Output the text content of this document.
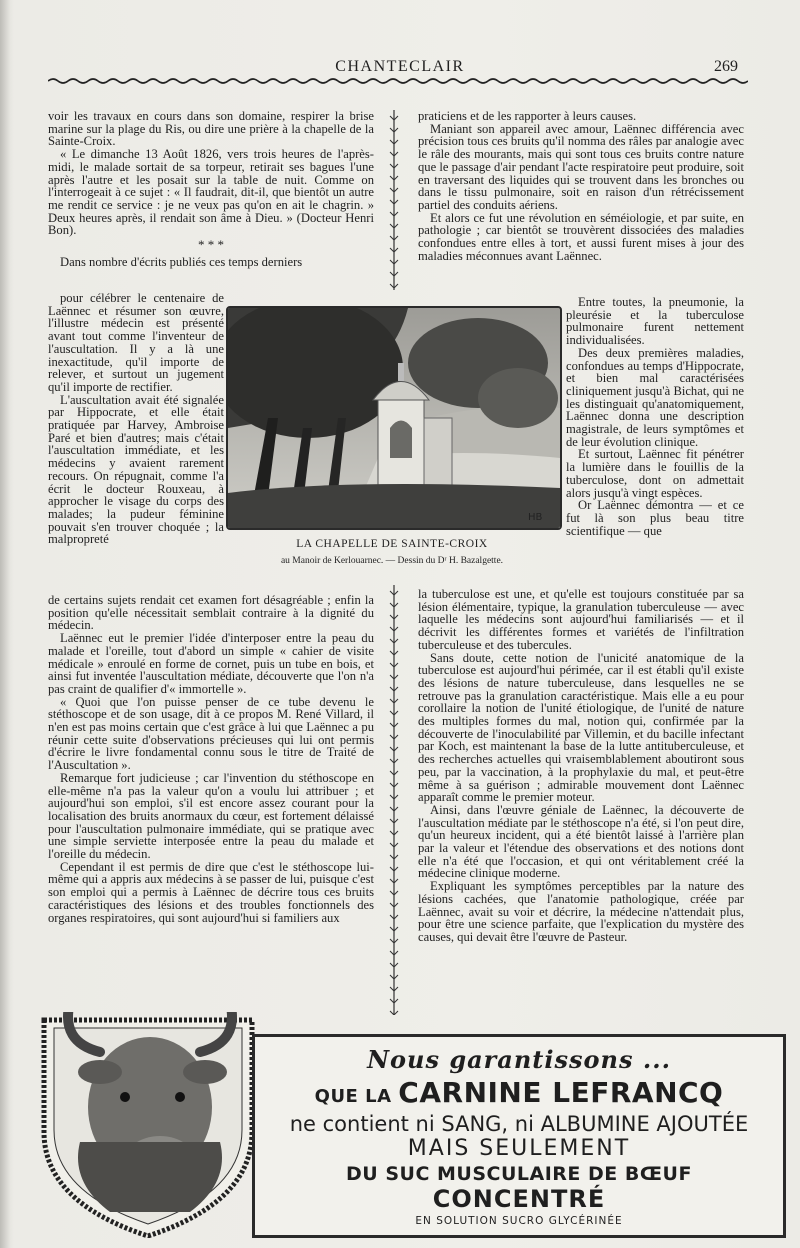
CHANTECLAIR	269

voir les travaux en cours dans son domaine, respirer la brise marine sur la plage du Ris, ou dire une prière à la chapelle de la Sainte-Croix.

« Le dimanche 13 Août 1826, vers trois heures de l'après-midi, le malade sortait de sa torpeur, retirait ses bagues l'une après l'autre et les posait sur la table de nuit. Comme on l'interrogeait à ce sujet : « Il faudrait, dit-il, que bientôt un autre me rendit ce service : je ne veux pas qu'on en ait le chagrin. » Deux heures après, il rendait son âme à Dieu. » (Docteur Henri Bon).

* * *

Dans nombre d'écrits publiés ces temps derniers

pour célébrer le centenaire de Laënnec et résumer son œuvre, l'illustre médecin est présenté avant tout comme l'inventeur de l'auscultation. Il y a là une inexactitude, qu'il importe de relever, et surtout un jugement qu'il importe de rectifier.

L'auscultation avait été signalée par Hippocrate, et elle était pratiquée par Harvey, Ambroise Paré et bien d'autres; mais c'était l'auscultation immédiate, et les médecins y avaient rarement recours. On répugnait, comme l'a écrit le docteur Rouxeau, à approcher le visage du corps des malades; la pudeur féminine pouvait s'en trouver choquée ; la malpropreté

praticiens et de les rapporter à leurs causes.

Maniant son appareil avec amour, Laënnec différencia avec précision tous ces bruits qu'il nomma des râles par analogie avec le râle des mourants, mais qui sont tous ces bruits contre nature que le passage d'air pendant l'acte respiratoire peut produire, soit en traversant des liquides qui se trouvent dans les bronches ou dans le tissu pulmonaire, soit en raison d'un rétrécissement partiel des conduits aériens.

Et alors ce fut une révolution en séméiologie, et par suite, en pathologie ; car bientôt se trouvèrent dissociées des maladies confondues entre elles à tort, et aussi furent mises à jour des maladies méconnues avant Laënnec.

Entre toutes, la pneumonie, la pleurésie et la tuberculose pulmonaire furent nettement individualisées.

Des deux premières maladies, confondues au temps d'Hippocrate, et bien mal caractérisées cliniquement jusqu'à Bichat, qui ne les distinguait qu'anatomiquement, Laënnec donna une description magistrale, de leurs symptômes et de leur évolution clinique.

Et surtout, Laënnec fit pénétrer la lumière dans le fouillis de la tuberculose, dont on admettait alors jusqu'à vingt espèces.

Or Laënnec démontra — et ce fut là son plus beau titre scientifique — que

HB
LA CHAPELLE DE SAINTE-CROIX
au Manoir de Kerlouarnec. — Dessin du Dʳ H. Bazalgette.

de certains sujets rendait cet examen fort désagréable ; enfin la position qu'elle nécessitait semblait contraire à la dignité du médecin.

Laënnec eut le premier l'idée d'interposer entre la peau du malade et l'oreille, tout d'abord un simple « cahier de visite médicale » enroulé en forme de cornet, puis un tube en bois, et ainsi fut inventée l'auscultation médiate, découverte que l'on n'a pas craint de qualifier d'« immortelle ».

« Quoi que l'on puisse penser de ce tube devenu le stéthoscope et de son usage, dit à ce propos M. René Villard, il n'en est pas moins certain que c'est grâce à lui que Laënnec a pu réunir cette suite d'observations précieuses qui lui ont permis d'écrire le livre fondamental connu sous le titre de Traité de l'Auscultation ».

Remarque fort judicieuse ; car l'invention du stéthoscope en elle-même n'a pas la valeur qu'on a voulu lui attribuer ; et aujourd'hui son emploi, s'il est encore assez courant pour la localisation des bruits anormaux du cœur, est fortement délaissé pour l'auscultation pulmonaire immédiate, qui se pratique avec une simple serviette interposée entre la peau du malade et l'oreille du médecin.

Cependant il est permis de dire que c'est le stéthoscope lui-même qui a appris aux médecins à se passer de lui, puisque c'est son emploi qui a permis à Laënnec de décrire tous ces bruits caractéristiques des lésions et des troubles fonctionnels des organes respiratoires, qui sont aujourd'hui si familiers aux

la tuberculose est une, et qu'elle est toujours constituée par sa lésion élémentaire, typique, la granulation tuberculeuse — avec laquelle les médecins sont aujourd'hui familiarisés — et il décrivit les différentes formes et variétés de l'infiltration tuberculeuse et des tubercules.

Sans doute, cette notion de l'unicité anatomique de la tuberculose est aujourd'hui périmée, car il est établi qu'il existe des lésions de nature tuberculeuse, dans lesquelles ne se retrouve pas la granulation caractéristique. Mais elle a eu pour corollaire la notion de l'unité étiologique, de l'unité de nature des multiples formes du mal, notion qui, confirmée par la découverte de l'inoculabilité par Villemin, et du bacille infectant par Koch, est maintenant la base de la lutte antituberculeuse, et des recherches actuelles qui vraisemblablement aboutiront sous peu, par la vaccination, à la prophylaxie du mal, et peut-être même à sa guérison ; admirable mouvement dont Laënnec apparaît comme le premier moteur.

Ainsi, dans l'œuvre géniale de Laënnec, la découverte de l'auscultation médiate par le stéthoscope n'a été, si l'on peut dire, qu'un heureux incident, qui a été bientôt laissé à l'arrière plan par la valeur et l'étendue des observations et des notions dont elle n'a été que l'occasion, et qui ont véritablement créé la médecine clinique moderne.

Expliquant les symptômes perceptibles par la nature des lésions cachées, que l'anatomie pathologique, créée par Laënnec, avait su voir et décrire, la médecine n'attendait plus, pour être une science parfaite, que l'explication du mystère des causes, qui devait être l'œuvre de Pasteur.

Nous garantissons ...
QUE LA CARNINE LEFRANCQ
ne contient ni SANG, ni ALBUMINE AJOUTÉE
MAIS SEULEMENT
DU SUC MUSCULAIRE DE BŒUF
CONCENTRÉ
EN SOLUTION SUCRO GLYCÉRINÉE
